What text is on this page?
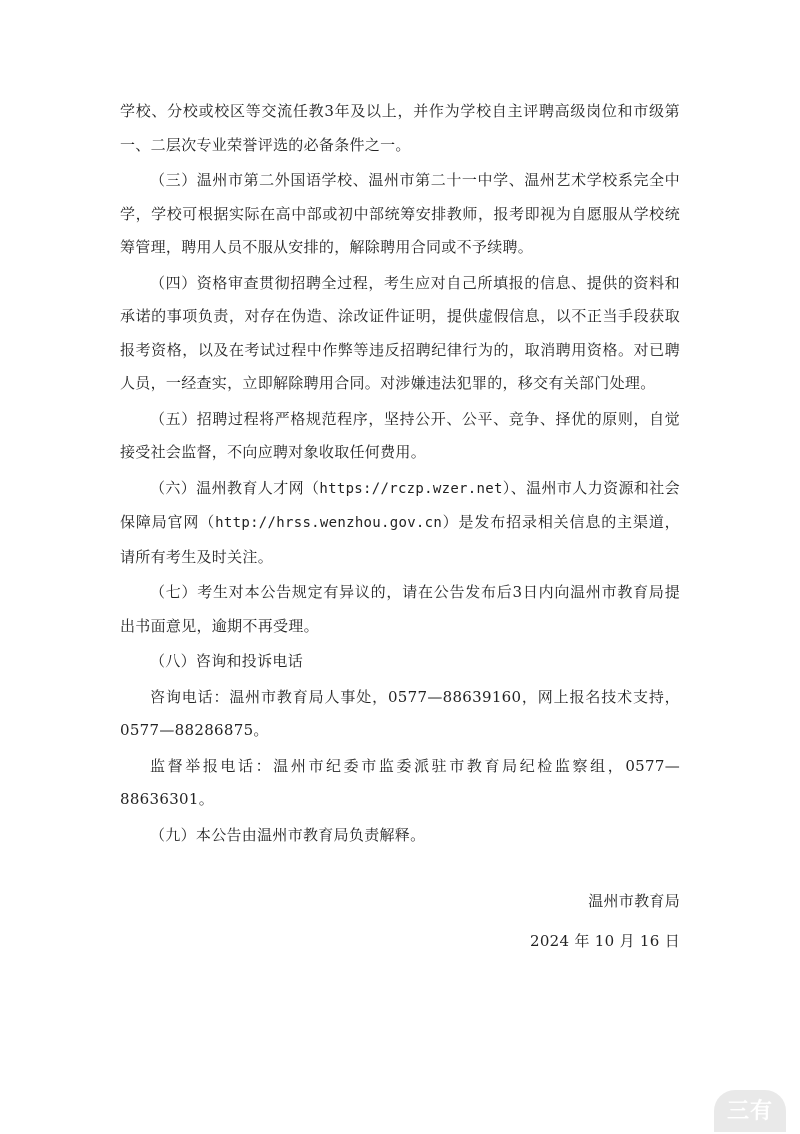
学校、分校或校区等交流任教3年及以上，并作为学校自主评聘高级岗位和市级第一、二层次专业荣誉评选的必备条件之一。

（三）温州市第二外国语学校、温州市第二十一中学、温州艺术学校系完全中学，学校可根据实际在高中部或初中部统筹安排教师，报考即视为自愿服从学校统筹管理，聘用人员不服从安排的，解除聘用合同或不予续聘。

（四）资格审查贯彻招聘全过程，考生应对自己所填报的信息、提供的资料和承诺的事项负责，对存在伪造、涂改证件证明，提供虚假信息，以不正当手段获取报考资格，以及在考试过程中作弊等违反招聘纪律行为的，取消聘用资格。对已聘人员，一经查实，立即解除聘用合同。对涉嫌违法犯罪的，移交有关部门处理。

（五）招聘过程将严格规范程序，坚持公开、公平、竞争、择优的原则，自觉接受社会监督，不向应聘对象收取任何费用。

（六）温州教育人才网（https://rczp.wzer.net）、温州市人力资源和社会保障局官网（http://hrss.wenzhou.gov.cn）是发布招录相关信息的主渠道，请所有考生及时关注。

（七）考生对本公告规定有异议的，请在公告发布后3日内向温州市教育局提出书面意见，逾期不再受理。

（八）咨询和投诉电话

咨询电话：温州市教育局人事处，0577—88639160，网上报名技术支持，0577—88286875。

监督举报电话：温州市纪委市监委派驻市教育局纪检监察组，0577—88636301。

（九）本公告由温州市教育局负责解释。

温州市教育局
2024 年 10 月 16 日
三有
